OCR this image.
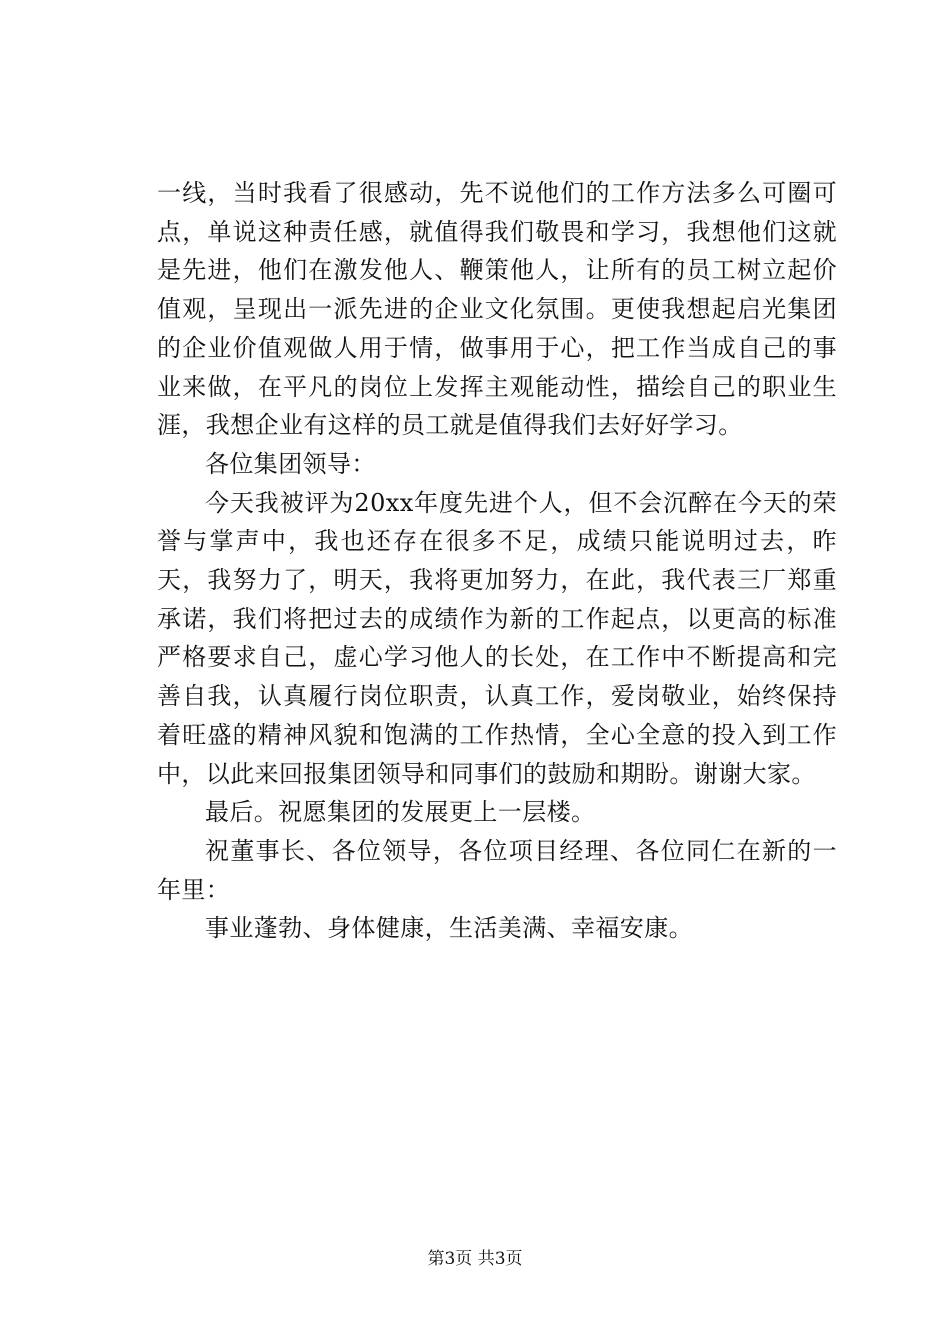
一线，当时我看了很感动，先不说他们的工作方法多么可圈可点，单说这种责任感，就值得我们敬畏和学习，我想他们这就是先进，他们在激发他人、鞭策他人，让所有的员工树立起价值观，呈现出一派先进的企业文化氛围。更使我想起启光集团的企业价值观做人用于情，做事用于心，把工作当成自己的事业来做，在平凡的岗位上发挥主观能动性，描绘自己的职业生涯，我想企业有这样的员工就是值得我们去好好学习。

各位集团领导：

今天我被评为20xx年度先进个人，但不会沉醉在今天的荣誉与掌声中，我也还存在很多不足，成绩只能说明过去，昨天，我努力了，明天，我将更加努力，在此，我代表三厂郑重承诺，我们将把过去的成绩作为新的工作起点，以更高的标准严格要求自己，虚心学习他人的长处，在工作中不断提高和完善自我，认真履行岗位职责，认真工作，爱岗敬业，始终保持着旺盛的精神风貌和饱满的工作热情，全心全意的投入到工作中，以此来回报集团领导和同事们的鼓励和期盼。谢谢大家。

最后。祝愿集团的发展更上一层楼。

祝董事长、各位领导，各位项目经理、各位同仁在新的一年里：

事业蓬勃、身体健康，生活美满、幸福安康。

第3页 共3页
